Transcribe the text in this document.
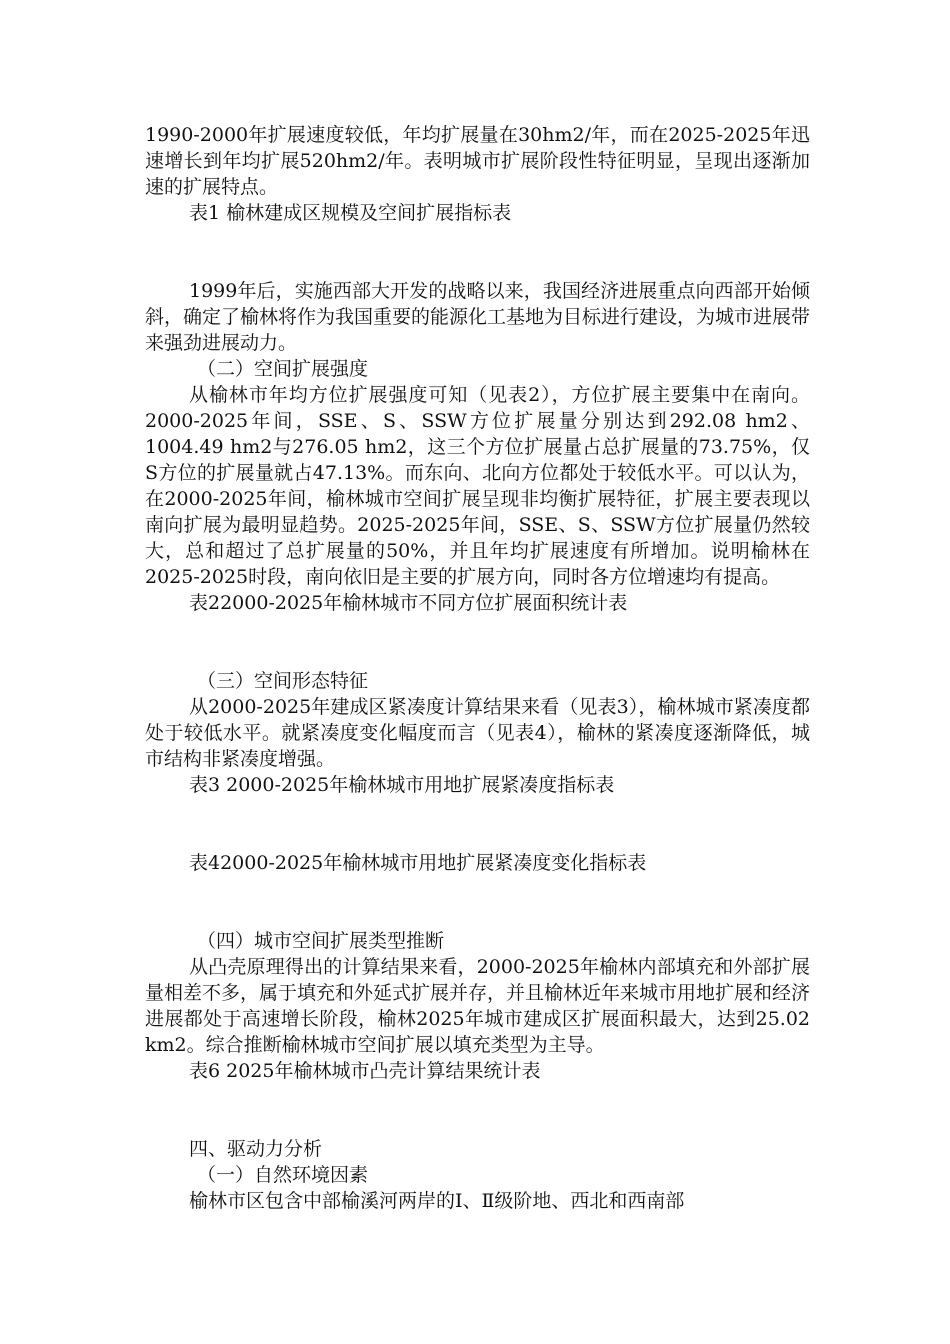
1990-2000年扩展速度较低，年均扩展量在30hm2/年，而在2025-2025年迅速增长到年均扩展520hm2/年。表明城市扩展阶段性特征明显，呈现出逐渐加速的扩展特点。

表1 榆林建成区规模及空间扩展指标表

1999年后，实施西部大开发的战略以来，我国经济进展重点向西部开始倾斜，确定了榆林将作为我国重要的能源化工基地为目标进行建设，为城市进展带来强劲进展动力。

（二）空间扩展强度

从榆林市年均方位扩展强度可知（见表2），方位扩展主要集中在南向。2000-2025年间，SSE、S、SSW方位扩展量分别达到292.08 hm2、1004.49 hm2与276.05 hm2，这三个方位扩展量占总扩展量的73.75%，仅S方位的扩展量就占47.13%。而东向、北向方位都处于较低水平。可以认为，在2000-2025年间，榆林城市空间扩展呈现非均衡扩展特征，扩展主要表现以南向扩展为最明显趋势。2025-2025年间，SSE、S、SSW方位扩展量仍然较大，总和超过了总扩展量的50%，并且年均扩展速度有所增加。说明榆林在2025-2025时段，南向依旧是主要的扩展方向，同时各方位增速均有提高。

表22000-2025年榆林城市不同方位扩展面积统计表

（三）空间形态特征

从2000-2025年建成区紧凑度计算结果来看（见表3），榆林城市紧凑度都处于较低水平。就紧凑度变化幅度而言（见表4），榆林的紧凑度逐渐降低，城市结构非紧凑度增强。

表3 2000-2025年榆林城市用地扩展紧凑度指标表

表42000-2025年榆林城市用地扩展紧凑度变化指标表

（四）城市空间扩展类型推断

从凸壳原理得出的计算结果来看，2000-2025年榆林内部填充和外部扩展量相差不多，属于填充和外延式扩展并存，并且榆林近年来城市用地扩展和经济进展都处于高速增长阶段，榆林2025年城市建成区扩展面积最大，达到25.02 km2。综合推断榆林城市空间扩展以填充类型为主导。

表6 2025年榆林城市凸壳计算结果统计表

四、驱动力分析

（一）自然环境因素

榆林市区包含中部榆溪河两岸的Ⅰ、Ⅱ级阶地、西北和西南部
